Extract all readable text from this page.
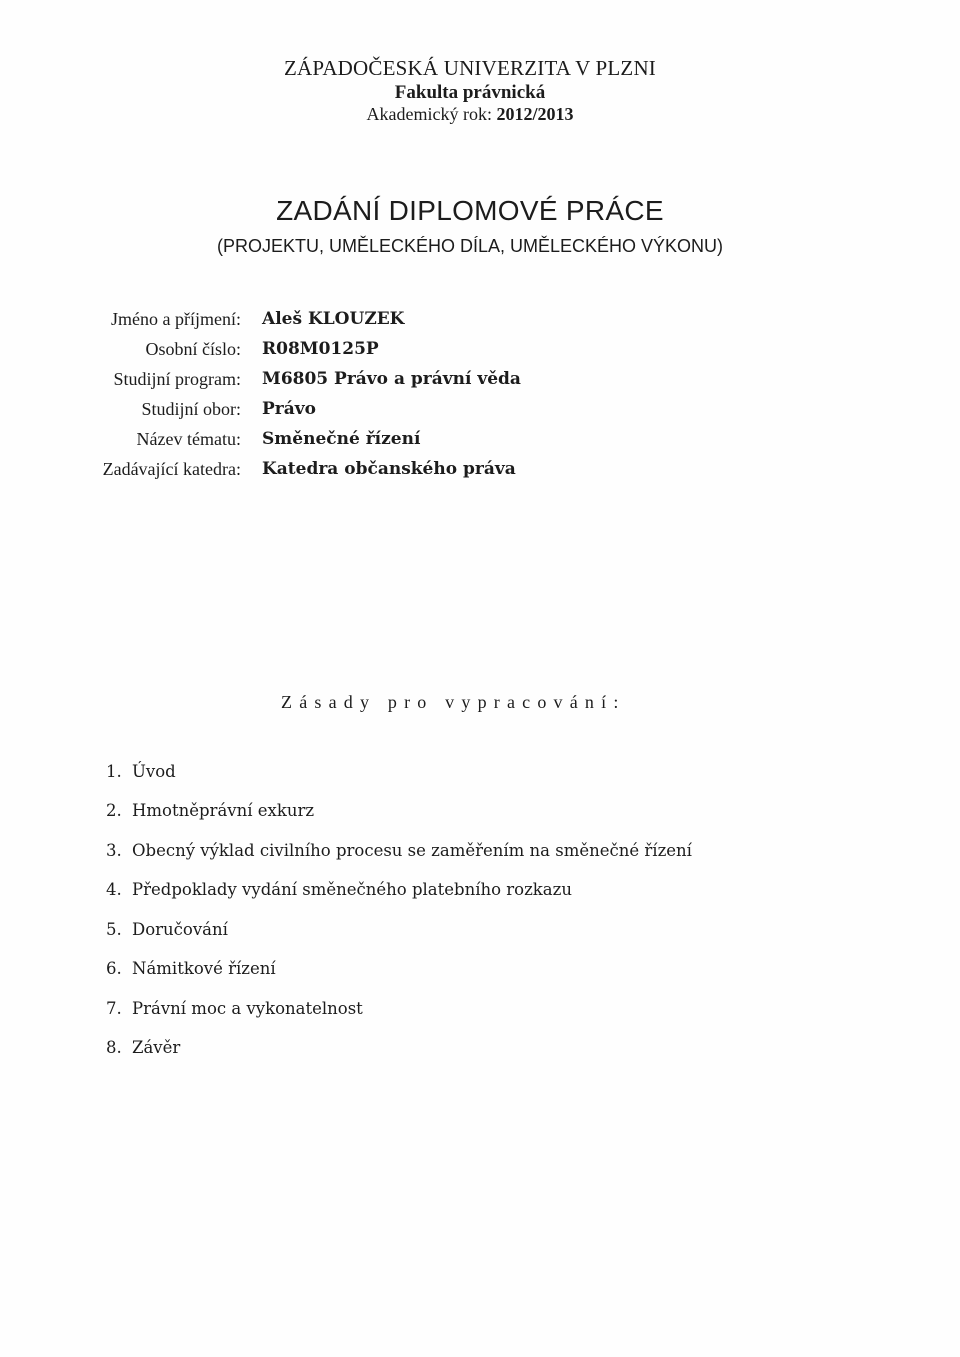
ZÁPADOČESKÁ UNIVERZITA V PLZNI
Fakulta právnická
Akademický rok: 2012/2013
ZADÁNÍ DIPLOMOVÉ PRÁCE
(PROJEKTU, UMĚLECKÉHO DÍLA, UMĚLECKÉHO VÝKONU)
Jméno a příjmení: Aleš KLOUZEK
Osobní číslo: R08M0125P
Studijní program: M6805 Právo a právní věda
Studijní obor: Právo
Název tématu: Směnečné řízení
Zadávající katedra: Katedra občanského práva
Zásady pro vypracování:
1. Úvod
2. Hmotněprávní exkurz
3. Obecný výklad civilního procesu se zaměřením na směnečné řízení
4. Předpoklady vydání směnečného platebního rozkazu
5. Doručování
6. Námitkové řízení
7. Právní moc a vykonatelnost
8. Závěr
